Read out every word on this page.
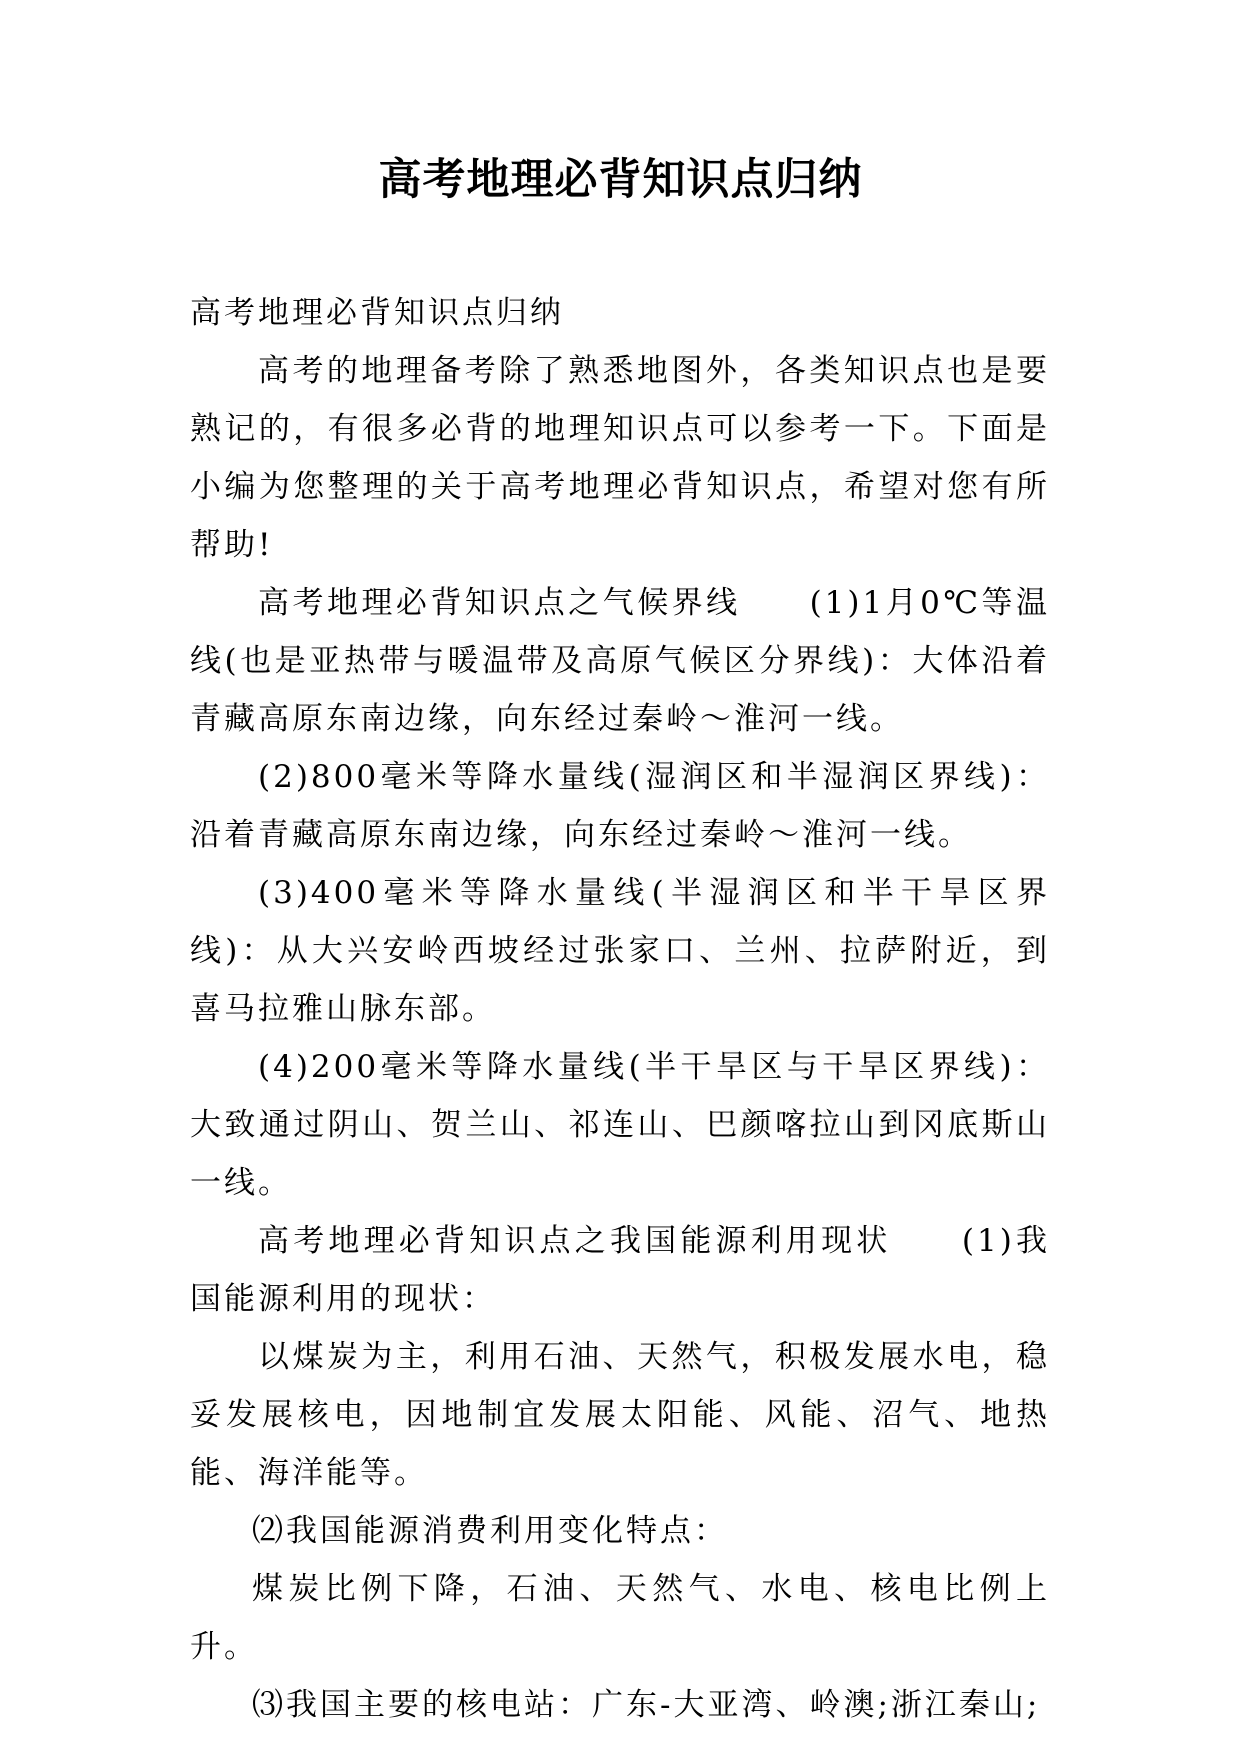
高考地理必背知识点归纳

高考地理必背知识点归纳

高考的地理备考除了熟悉地图外，各类知识点也是要熟记的，有很多必背的地理知识点可以参考一下。下面是小编为您整理的关于高考地理必背知识点，希望对您有所帮助!

高考地理必背知识点之气候界线　　(1)1月0℃等温线(也是亚热带与暖温带及高原气候区分界线)：大体沿着青藏高原东南边缘，向东经过秦岭～淮河一线。

(2)800毫米等降水量线(湿润区和半湿润区界线)：沿着青藏高原东南边缘，向东经过秦岭～淮河一线。

(3)400毫米等降水量线(半湿润区和半干旱区界线)：从大兴安岭西坡经过张家口、兰州、拉萨附近，到喜马拉雅山脉东部。

(4)200毫米等降水量线(半干旱区与干旱区界线)：大致通过阴山、贺兰山、祁连山、巴颜喀拉山到冈底斯山一线。

高考地理必背知识点之我国能源利用现状　　(1)我国能源利用的现状：

以煤炭为主，利用石油、天然气，积极发展水电，稳妥发展核电，因地制宜发展太阳能、风能、沼气、地热能、海洋能等。

⑵我国能源消费利用变化特点：

煤炭比例下降，石油、天然气、水电、核电比例上升。

⑶我国主要的核电站：广东-大亚湾、岭澳;浙江秦山;
